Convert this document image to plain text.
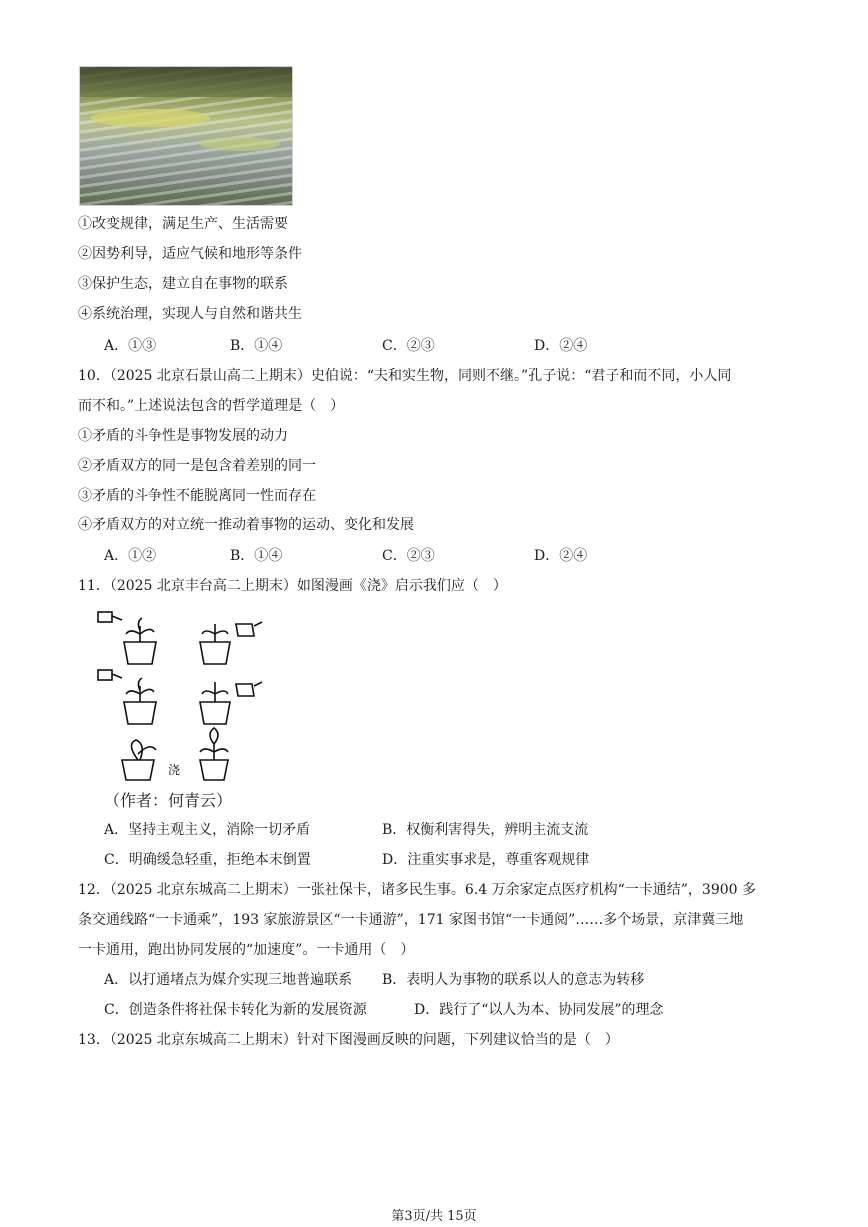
①改变规律，满足生产、生活需要
②因势利导，适应气候和地形等条件
③保护生态，建立自在事物的联系
④系统治理，实现人与自然和谐共生
A．①③	B．①④	C．②③	D．②④
10．（2025 北京石景山高二上期末）史伯说：“夫和实生物，同则不继。”孔子说：“君子和而不同，小人同
而不和。”上述说法包含的哲学道理是（　）
①矛盾的斗争性是事物发展的动力
②矛盾双方的同一是包含着差别的同一
③矛盾的斗争性不能脱离同一性而存在
④矛盾双方的对立统一推动着事物的运动、变化和发展
A．①②	B．①④	C．②③	D．②④
11．（2025 北京丰台高二上期末）如图漫画《浇》启示我们应（　）
浇
（作者：何青云）
A．坚持主观主义，消除一切矛盾	B．权衡利害得失，辨明主流支流
C．明确缓急轻重，拒绝本末倒置	D．注重实事求是，尊重客观规律
12．（2025 北京东城高二上期末）一张社保卡，诸多民生事。6.4 万余家定点医疗机构“一卡通结”，3900 多
条交通线路“一卡通乘”，193 家旅游景区“一卡通游”，171 家图书馆“一卡通阅”……多个场景，京津冀三地
一卡通用，跑出协同发展的“加速度”。一卡通用（　）
A．以打通堵点为媒介实现三地普遍联系 B．表明人为事物的联系以人的意志为转移
C．创造条件将社保卡转化为新的发展资源	D．践行了“以人为本、协同发展”的理念
13．（2025 北京东城高二上期末）针对下图漫画反映的问题，下列建议恰当的是（　）
第3页/共 15页
